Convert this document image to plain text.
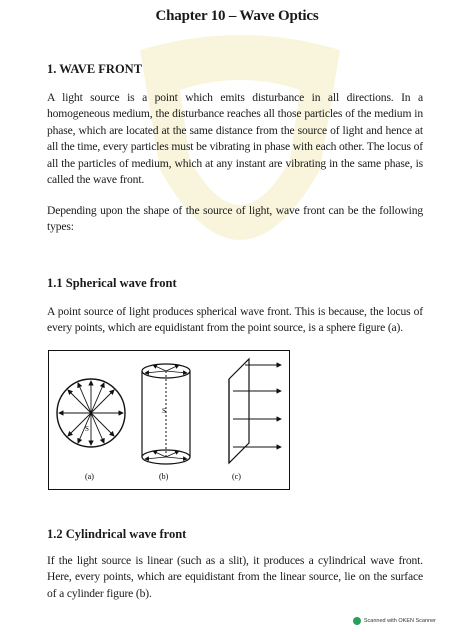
Chapter 10 – Wave Optics
1. WAVE FRONT
A light source is a point which emits disturbance in all directions. In a homogeneous medium, the disturbance reaches all those particles of the medium in phase, which are located at the same distance from the source of light and hence at all the time, every particles must be vibrating in phase with each other. The locus of all the particles of medium, which at any instant are vibrating in the same phase, is called the wave front.
Depending upon the shape of the source of light, wave front can be the following types:
1.1 Spherical wave front
A point source of light produces spherical wave front. This is because, the locus of every points, which are equidistant from the point source, is a sphere figure (a).
S
S
(a)	(b)	(c)
1.2 Cylindrical wave front
If the light source is linear (such as a slit), it produces a cylindrical wave front. Here, every points, which are equidistant from the linear source, lie on the surface of a cylinder figure (b).
Scanned with OKEN Scanner
